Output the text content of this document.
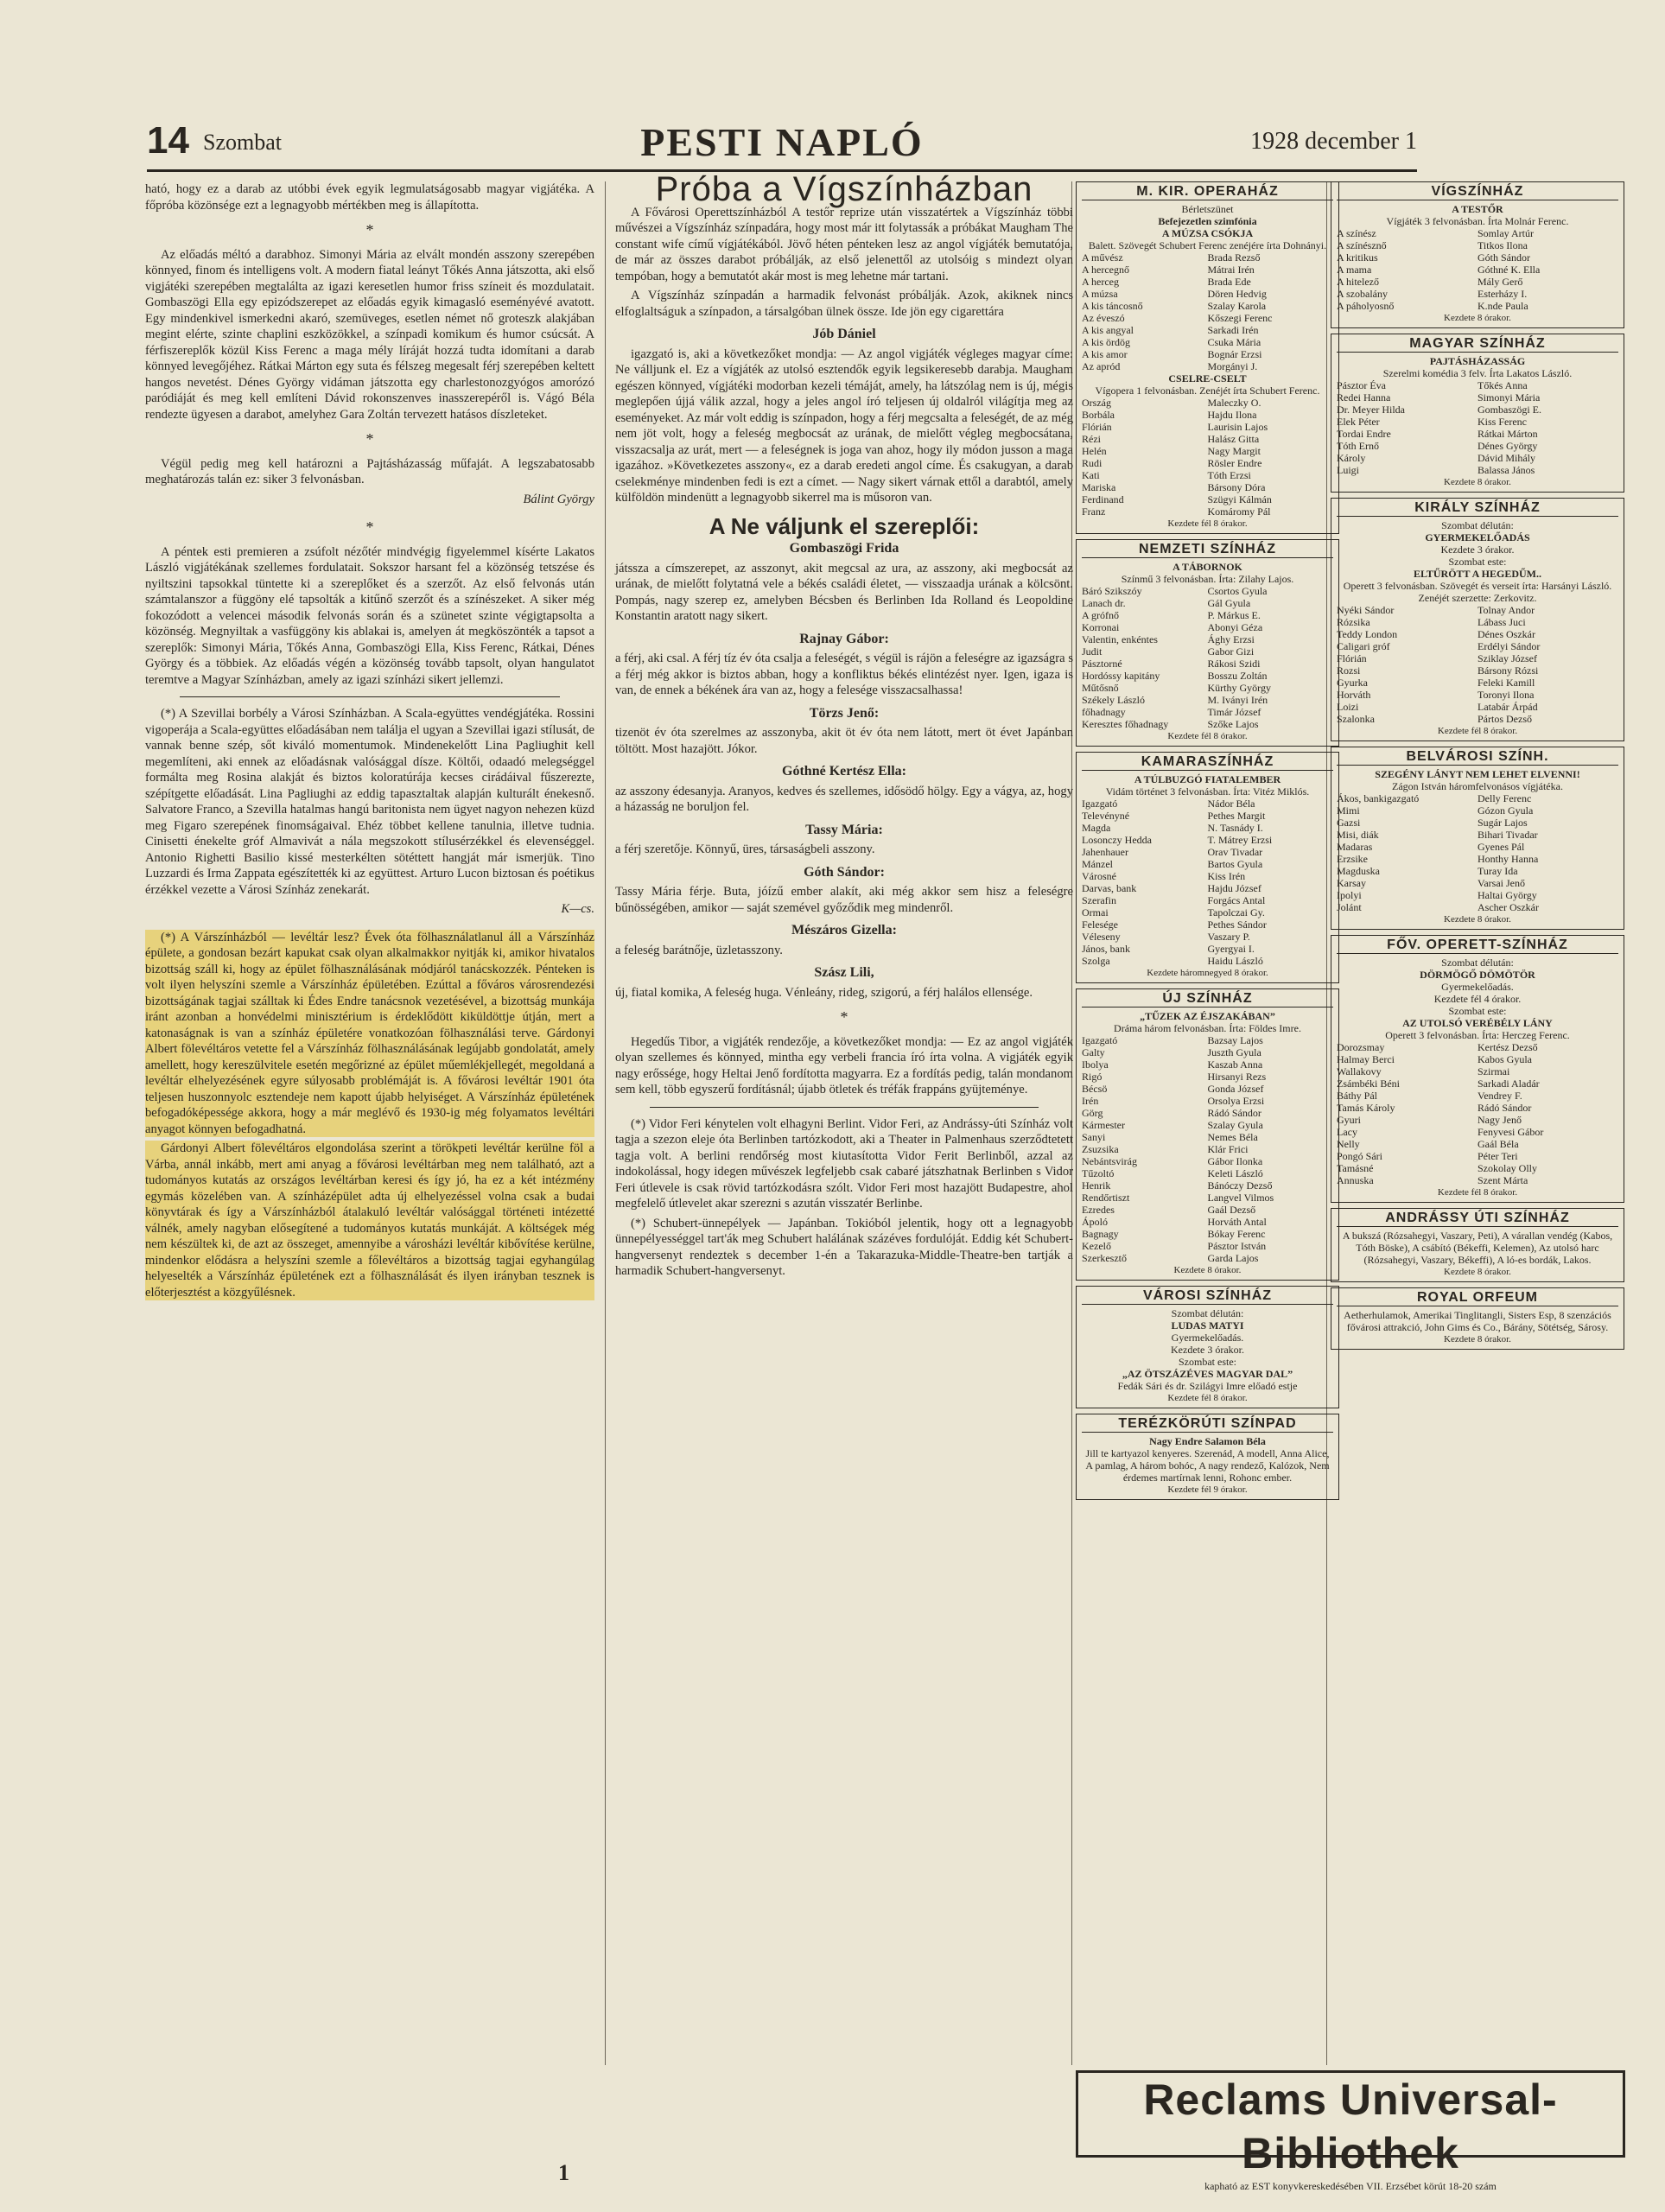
14 Szombat	PESTI NAPLÓ	1928 december 1

ható, hogy ez a darab az utóbbi évek egyik legmulatságosabb magyar vigjátéka. A főpróba közönsége ezt a legnagyobb mértékben meg is állapította.

*

Az előadás méltó a darabhoz. Simonyi Mária az elvált mondén asszony szerepében könnyed, finom és intelligens volt. A modern fiatal leányt Tőkés Anna játszotta, aki első vigjátéki szerepében megtalálta az igazi keresetlen humor friss színeit és mozdulatait. Gombaszögi Ella egy epizódszerepet az előadás egyik kimagasló eseményévé avatott. Egy mindenkivel ismerkedni akaró, szemüveges, esetlen német nő groteszk alakjában megint elérte, szinte chaplini eszközökkel, a színpadi komikum és humor csúcsát. A férfiszereplők közül Kiss Ferenc a maga mély líráját hozzá tudta idomítani a darab könnyed levegőjéhez. Rátkai Márton egy suta és félszeg megesalt férj szerepében keltett hangos nevetést. Dénes György vidáman játszotta egy charlestonozgyógos amorózó paródiáját és meg kell említeni Dávid rokonszenves inasszerepéről is. Vágó Béla rendezte ügyesen a darabot, amelyhez Gara Zoltán tervezett hatásos díszleteket.

*

Végül pedig meg kell határozni a Pajtásházasság műfaját. A legszabatosabb meghatározás talán ez: siker 3 felvonásban.

Bálint György
*

A péntek esti premieren a zsúfolt nézőtér mindvégig figyelemmel kísérte Lakatos László vigjátékának szellemes fordulatait. Sokszor harsant fel a közönség tetszése és nyiltszini tapsokkal tüntette ki a szereplőket és a szerzőt. Az első felvonás után számtalanszor a függöny elé tapsolták a kitűnő szerzőt és a színészeket. A siker még fokozódott a velencei második felvonás során és a szünetet szinte végigtapsolta a közönség. Megnyiltak a vasfüggöny kis ablakai is, amelyen át megköszönték a tapsot a szereplők: Simonyi Mária, Tőkés Anna, Gombaszögi Ella, Kiss Ferenc, Rátkai, Dénes György és a többiek. Az előadás végén a közönség tovább tapsolt, olyan hangulatot teremtve a Magyar Színházban, amely az igazi színházi sikert jellemzi.

(*) A Szevillai borbély a Városi Színházban. A Scala-együttes vendégjátéka. Rossini vigoperája a Scala-együttes előadásában nem találja el ugyan a Szevillai igazi stílusát, de vannak benne szép, sőt kiváló momentumok. Mindenekelőtt Lina Pagliughit kell megemlíteni, aki ennek az előadásnak valósággal dísze. Költői, odaadó melegséggel formálta meg Rosina alakját és biztos koloratúrája kecses cirádáival fűszerezte, szépítgette előadását. Lina Pagliughi az eddig tapasztaltak alapján kulturált énekesnő. Salvatore Franco, a Szevilla hatalmas hangú baritonista nem ügyet nagyon nehezen küzd meg Figaro szerepének finomságaival. Ehéz többet kellene tanulnia, illetve tudnia. Cinisetti énekelte gróf Almavivát a nála megszokott stílusérzékkel és elevenséggel. Antonio Righetti Basilio kissé mesterkélten sötéttett hangját már ismerjük. Tino Luzzardi és Irma Zappata egészítették ki az együttest. Arturo Lucon biztosan és poétikus érzékkel vezette a Városi Színház zenekarát.

K—cs.

(*) A Várszínházból — levéltár lesz? Évek óta fölhasználatlanul áll a Várszínház épülete, a gondosan bezárt kapukat csak olyan alkalmakkor nyitják ki, amikor hivatalos bizottság száll ki, hogy az épület fölhasználásának módjáról tanácskozzék. Pénteken is volt ilyen helyszíni szemle a Várszínház épületében. Ezúttal a főváros városrendezési bizottságának tagjai szálltak ki Édes Endre tanácsnok vezetésével, a bizottság munkája iránt azonban a honvédelmi minisztérium is érdeklődött kiküldöttje útján, mert a katonaságnak is van a színház épületére vonatkozóan fölhasználási terve. Gárdonyi Albert fölevéltáros vetette fel a Várszínház fölhasználásának legújabb gondolatát, amely amellett, hogy kereszülvitele esetén megőrizné az épület műemlékjellegét, megoldaná a levéltár elhelyezésének egyre súlyosabb problémáját is. A fővárosi levéltár 1901 óta teljesen huszonnyolc esztendeje nem kapott újabb helyiséget. A Várszínház épületének befogadóképessége akkora, hogy a már meglévő és 1930-ig még folyamatos levéltári anyagot könnyen befogadhatná.

Gárdonyi Albert fölevéltáros elgondolása szerint a törökpeti levéltár kerülne föl a Várba, annál inkább, mert ami anyag a fővárosi levéltárban meg nem található, azt a tudományos kutatás az országos levéltárban keresi és így jó, ha ez a két intézmény egymás közelében van. A színházépület adta új elhelyezéssel volna csak a budai könyvtárak és így a Várszínházból átalakuló levéltár valósággal történeti intézetté válnék, amely nagyban elősegítené a tudományos kutatás munkáját. A költségek még nem készültek ki, de azt az összeget, amennyibe a városházi levéltár kibővítése kerülne, mindenkor elődásra a helyszíni szemle a főlevéltáros a bizottság tagjai egyhangúlag helyeselték a Várszínház épületének ezt a fölhasználását és ilyen irányban tesznek is előterjesztést a közgyűlésnek.

Próba a Vígszínházban

A Fővárosi Operettszínházból A testőr reprize után visszatértek a Vígszínház többi művészei a Vígszínház színpadára, hogy most már itt folytassák a próbákat Maugham The constant wife című vígjátékából. Jövő héten pénteken lesz az angol vígjáték bemutatója, de már az összes darabot próbálják, az első jelenettől az utolsóig s mindezt olyan tempóban, hogy a bemutatót akár most is meg lehetne már tartani.

A Vígszínház színpadán a harmadik felvonást próbálják. Azok, akiknek nincs elfoglaltságuk a színpadon, a társalgóban ülnek össze. Ide jön egy cigarettára

Jób Dániel

igazgató is, aki a következőket mondja: — Az angol vigjáték végleges magyar címe: Ne válljunk el. Ez a vígjáték az utolsó esztendők egyik legsikeresebb darabja. Maugham egészen könnyed, vígjátéki modorban kezeli témáját, amely, ha látszólag nem is új, mégis meglepően újjá válik azzal, hogy a jeles angol író teljesen új oldalról világítja meg az eseményeket. Az már volt eddig is színpadon, hogy a férj megcsalta a feleségét, de az még nem jöt volt, hogy a feleség megbocsát az urának, de mielőtt végleg megbocsátana, visszacsalja az urát, mert — a feleségnek is joga van ahoz, hogy ily módon jusson a maga igazához. »Következetes asszony«, ez a darab eredeti angol címe. És csakugyan, a darab cselekménye mindenben fedi is ezt a címet. — Nagy sikert várnak ettől a darabtól, amely külföldön mindenütt a legnagyobb sikerrel ma is műsoron van.

A Ne váljunk el szereplői:
Gombaszögi Frida

játssza a címszerepet, az asszonyt, akit megcsal az ura, az asszony, aki megbocsát az urának, de mielőtt folytatná vele a békés családi életet, — visszaadja urának a kölcsönt. Pompás, nagy szerep ez, amelyben Bécsben és Berlinben Ida Rolland és Leopoldine Konstantin aratott nagy sikert.

Rajnay Gábor:

a férj, aki csal. A férj tíz év óta csalja a feleségét, s végül is rájön a feleségre az igazságra s a férj még akkor is biztos abban, hogy a konfliktus békés elintézést nyer. Igen, igaza is van, de ennek a békének ára van az, hogy a felesége visszacsalhassa!

Törzs Jenő:

tizenöt év óta szerelmes az asszonyba, akit öt év óta nem látott, mert öt évet Japánban töltött. Most hazajött. Jókor.

Góthné Kertész Ella:

az asszony édesanyja. Aranyos, kedves és szellemes, idősödő hölgy. Egy a vágya, az, hogy a házasság ne boruljon fel.

Tassy Mária:

a férj szeretője. Könnyű, üres, társaságbeli asszony.

Góth Sándor:

Tassy Mária férje. Buta, jóízű ember alakít, aki még akkor sem hisz a feleségre bűnösségében, amikor — saját szemével győződik meg mindenről.

Mészáros Gizella:

a feleség barátnője, üzletasszony.

Szász Lili,

új, fiatal komika, A feleség huga. Vénleány, rideg, szigorú, a férj halálos ellensége.

*

Hegedűs Tibor, a vigjáték rendezője, a következőket mondja: — Ez az angol vigjáték olyan szellemes és könnyed, mintha egy verbeli francia író írta volna. A vigjáték egyik nagy erőssége, hogy Heltai Jenő fordította magyarra. Ez a fordítás pedig, talán mondanom sem kell, több egyszerű fordításnál; újabb ötletek és tréfák frappáns gyüjteménye.

(*) Vidor Feri kénytelen volt elhagyni Berlint. Vidor Feri, az Andrássy-úti Színház volt tagja a szezon eleje óta Berlinben tartózkodott, aki a Theater in Palmenhaus szerződtetett tagja volt. A berlini rendőrség most kiutasította Vidor Ferit Berlinből, azzal az indokolással, hogy idegen művészek legfeljebb csak cabaré játszhatnak Berlinben s Vidor Feri útlevele is csak rövid tartózkodásra szólt. Vidor Feri most hazajött Budapestre, ahol megfelelő útlevelet akar szerezni s azután visszatér Berlinbe.

(*) Schubert-ünnepélyek — Japánban. Tokióból jelentik, hogy ott a legnagyobb ünnepélyességgel tart'ák meg Schubert halálának százéves fordulóját. Eddig két Schubert-hangversenyt rendeztek s december 1-én a Takarazuka-Middle-Theatre-ben tartják a harmadik Schubert-hangversenyt.

M. KIR. OPERAHÁZ
Bérletszünet
Befejezetlen szimfónia
A MÚZSA CSÓKJA
Balett. Szövegét Schubert Ferenc zenéjére írta Dohnányi.
A művész	Brada Rezső
A hercegnő	Mátrai Irén
A herceg	Brada Ede
A múzsa	Dören Hedvig
A kis táncosnő	Szalay Karola
Az éveszó	Kőszegi Ferenc
A kis angyal	Sarkadi Irén
A kis ördög	Csuka Mária
A kis amor	Bognár Erzsi
Az apród	Morgányi J.
CSELRE-CSELT
Vígopera 1 felvonásban. Zenéjét írta Schubert Ferenc.
Ország	Maleczky O.
Borbála	Hajdu Ilona
Flórián	Laurisin Lajos
Rézi	Halász Gitta
Helén	Nagy Margit
Rudi	Rösler Endre
Kati	Tóth Erzsi
Mariska	Bársony Dóra
Ferdinand	Szügyi Kálmán
Franz	Komáromy Pál
Kezdete fél 8 órakor.
NEMZETI SZÍNHÁZ
A TÁBORNOK
Színmű 3 felvonásban. Írta: Zilahy Lajos.
Báró Szikszóy	Csortos Gyula
Lanach dr.	Gál Gyula
A grófnő	P. Márkus E.
Korronai	Abonyi Géza
Valentin, enkéntes	Ághy Erzsi
Judit	Gabor Gizi
Pásztorné	Rákosi Szidi
Hordóssy kapitány	Bosszu Zoltán
Műtősnő	Kürthy György
Székely László	M. Iványi Irén
főhadnagy	Timár József
Keresztes főhadnagy	Szőke Lajos
Kezdete fél 8 órakor.
KAMARASZÍNHÁZ
A TÚLBUZGÓ FIATALEMBER
Vidám történet 3 felvonásban. Írta: Vitéz Miklós.
Igazgató	Nádor Béla
Televényné	Pethes Margit
Magda	N. Tasnády I.
Losonczy Hedda	T. Mátrey Erzsi
Jahenhauer	Orav Tivadar
Mánzel	Bartos Gyula
Városné	Kiss Irén
Darvas, bank	Hajdu József
Szerafin	Forgács Antal
Ormai	Tapolczai Gy.
Felesége	Pethes Sándor
Véleseny	Vaszary P.
János, bank	Gyergyai I.
Szolga	Haidu László
Kezdete háromnegyed 8 órakor.
ÚJ SZÍNHÁZ
„TŰZEK AZ ÉJSZAKÁBAN”
Dráma három felvonásban. Írta: Földes Imre.
Igazgató	Bazsay Lajos
Galty	Juszth Gyula
Ibolya	Kaszab Anna
Rigó	Hirsanyi Rezs
Bécsö	Gonda József
Irén	Orsolya Erzsi
Görg	Rádó Sándor
Kármester	Szalay Gyula
Sanyi	Nemes Béla
Zsuzsika	Klár Frici
Nebántsvirág	Gábor Ilonka
Tűzoltó	Keleti László
Henrik	Bánóczy Dezső
Rendőrtiszt	Langvel Vilmos
Ezredes	Gaál Dezső
Ápoló	Horváth Antal
Bagnagy	Bókay Ferenc
Kezelő	Pásztor István
Szerkesztő	Garda Lajos
Kezdete 8 órakor.
VÁROSI SZÍNHÁZ
Szombat délután:
LUDAS MATYI
Gyermekelőadás.
Kezdete 3 órakor.
Szombat este:
„AZ ÖTSZÁZÉVES MAGYAR DAL”
Fedák Sári és dr. Szilágyi Imre előadó estje
Kezdete fél 8 órakor.
TERÉZKÖRÚTI SZÍNPAD
Nagy Endre Salamon Béla
Jill te kartyazol kenyeres. Szerenád, A modell, Anna Alice, A pamlag, A három bohóc, A nagy rendező, Kalózok, Nem érdemes martírnak lenni, Rohonc ember.
Kezdete fél 9 órakor.
VÍGSZÍNHÁZ
A TESTŐR
Vígjáték 3 felvonásban. Írta Molnár Ferenc.
A színész	Somlay Artúr
A színésznő	Titkos Ilona
A kritikus	Góth Sándor
A mama	Góthné K. Ella
A hitelező	Mály Gerő
A szobalány	Esterházy I.
A páholyosnő	K.nde Paula
Kezdete 8 órakor.
MAGYAR SZÍNHÁZ
PAJTÁSHÁZASSÁG
Szerelmi komédia 3 felv. Írta Lakatos László.
Pásztor Éva	Tőkés Anna
Redei Hanna	Simonyi Mária
Dr. Meyer Hilda	Gombaszögi E.
Elek Péter	Kiss Ferenc
Tordai Endre	Rátkai Márton
Tóth Ernő	Dénes György
Károly	Dávid Mihály
Luigi	Balassa János
Kezdete 8 órakor.
KIRÁLY SZÍNHÁZ
Szombat délután:
GYERMEKELŐADÁS
Kezdete 3 órakor.
Szombat este:
ELTŰRÖTT A HEGEDŰM..
Operett 3 felvonásban. Szövegét és verseit írta: Harsányi László.
Zenéjét szerzette: Zerkovitz.
Nyéki Sándor	Tolnay Andor
Rózsika	Lábass Juci
Teddy London	Dénes Oszkár
Caligari gróf	Erdélyi Sándor
Flórián	Sziklay József
Rozsi	Bársony Rózsi
Gyurka	Feleki Kamill
Horváth	Toronyi Ilona
Loizi	Latabár Árpád
Szalonka	Pártos Dezső
Kezdete fél 8 órakor.
BELVÁROSI SZÍNH.
SZEGÉNY LÁNYT NEM LEHET ELVENNI!
Zágon István háromfelvonásos vígjátéka.
Ákos, bankigazgató	Delly Ferenc
Mimi	Gózon Gyula
Gazsi	Sugár Lajos
Misi, diák	Bihari Tivadar
Madaras	Gyenes Pál
Erzsike	Honthy Hanna
Magduska	Turay Ida
Karsay	Varsai Jenő
Ipolyi	Haltai György
Jolánt	Ascher Oszkár
Kezdete 8 órakor.
FŐV. OPERETT-SZÍNHÁZ
Szombat délután:
DÖRMÖGŐ DÖMÖTÖR
Gyermekelőadás.
Kezdete fél 4 órakor.
Szombat este:
AZ UTOLSÓ VERÉBÉLY LÁNY
Operett 3 felvonásban. Írta: Herczeg Ferenc.
Dorozsmay	Kertész Dezső
Halmay Berci	Kabos Gyula
Wallakovy	Szirmai
Zsámbéki Béni	Sarkadi Aladár
Báthy Pál	Vendrey F.
Tamás Károly	Rádó Sándor
Gyuri	Nagy Jenő
Lacy	Fenyvesi Gábor
Nelly	Gaál Béla
Pongó Sári	Péter Teri
Tamásné	Szokolay Olly
Annuska	Szent Márta
Kezdete fél 8 órakor.
ANDRÁSSY ÚTI SZÍNHÁZ
A bukszá (Rózsahegyi, Vaszary, Peti), A várallan vendég (Kabos, Tóth Böske), A csábító (Békeffi, Kelemen), Az utolsó harc (Rózsahegyi, Vaszary, Békeffi), A ló-es bordák, Lakos.
Kezdete 8 órakor.
ROYAL ORFEUM
Aetherhulamok, Amerikai Tinglitangli, Sisters Esp, 8 szenzációs fővárosi attrakció, John Gims és Co., Bárány, Sötétség, Sárosy.
Kezdete 8 órakor.
Reclams Universal-Bibliothek
kapható az EST konyvkereskedésében VII. Erzsébet körút 18-20 szám
1
